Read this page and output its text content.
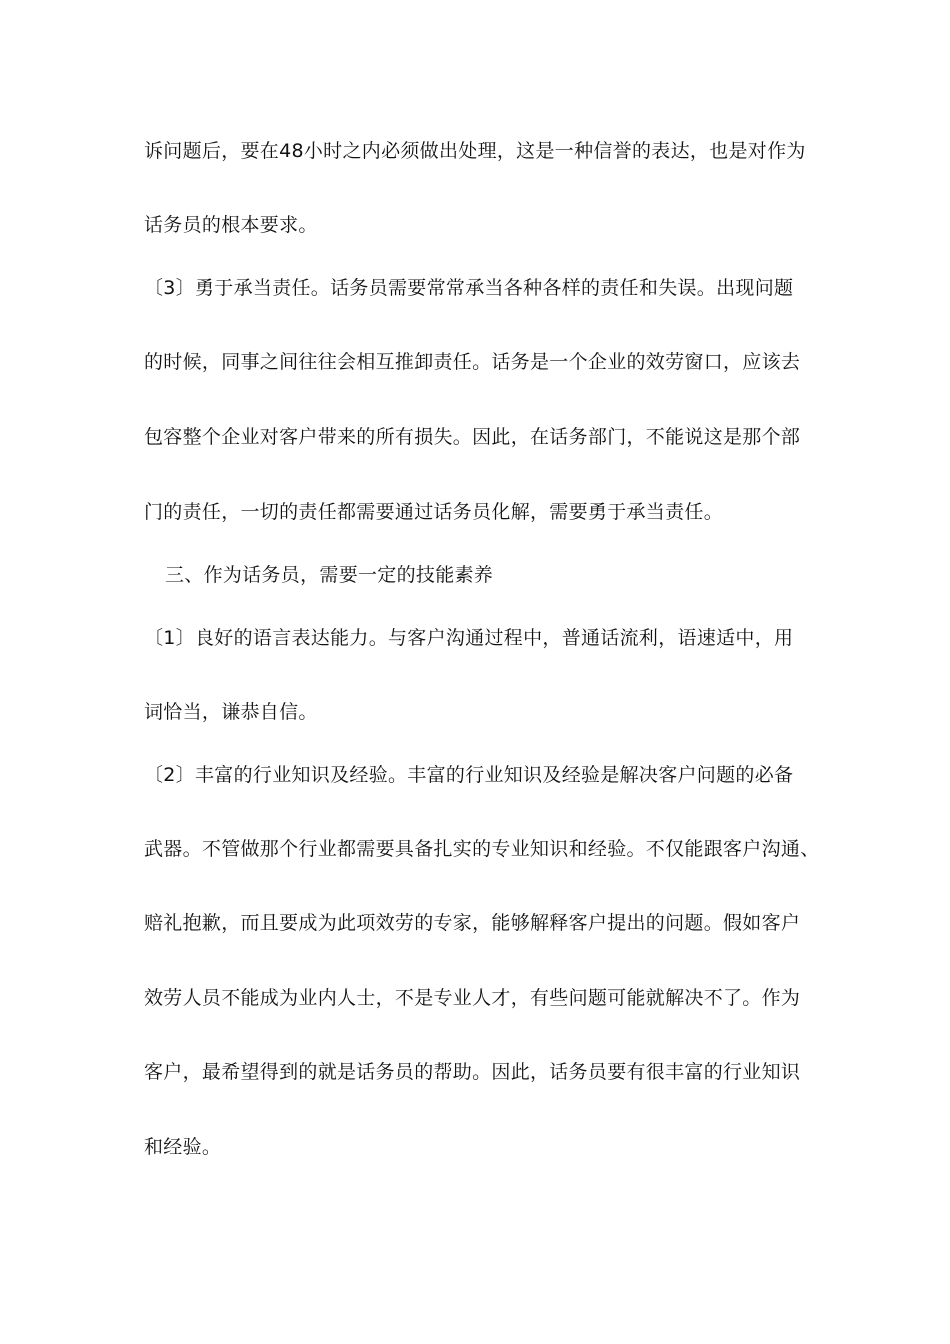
诉问题后，要在48小时之内必须做出处理，这是一种信誉的表达，也是对作为
话务员的根本要求。
〔3〕勇于承当责任。话务员需要常常承当各种各样的责任和失误。出现问题
的时候，同事之间往往会相互推卸责任。话务是一个企业的效劳窗口，应该去
包容整个企业对客户带来的所有损失。因此，在话务部门，不能说这是那个部
门的责任，一切的责任都需要通过话务员化解，需要勇于承当责任。
三、作为话务员，需要一定的技能素养
〔1〕良好的语言表达能力。与客户沟通过程中，普通话流利，语速适中，用
词恰当，谦恭自信。
〔2〕丰富的行业知识及经验。丰富的行业知识及经验是解决客户问题的必备
武器。不管做那个行业都需要具备扎实的专业知识和经验。不仅能跟客户沟通、
赔礼抱歉，而且要成为此项效劳的专家，能够解释客户提出的问题。假如客户
效劳人员不能成为业内人士，不是专业人才，有些问题可能就解决不了。作为
客户，最希望得到的就是话务员的帮助。因此，话务员要有很丰富的行业知识
和经验。
